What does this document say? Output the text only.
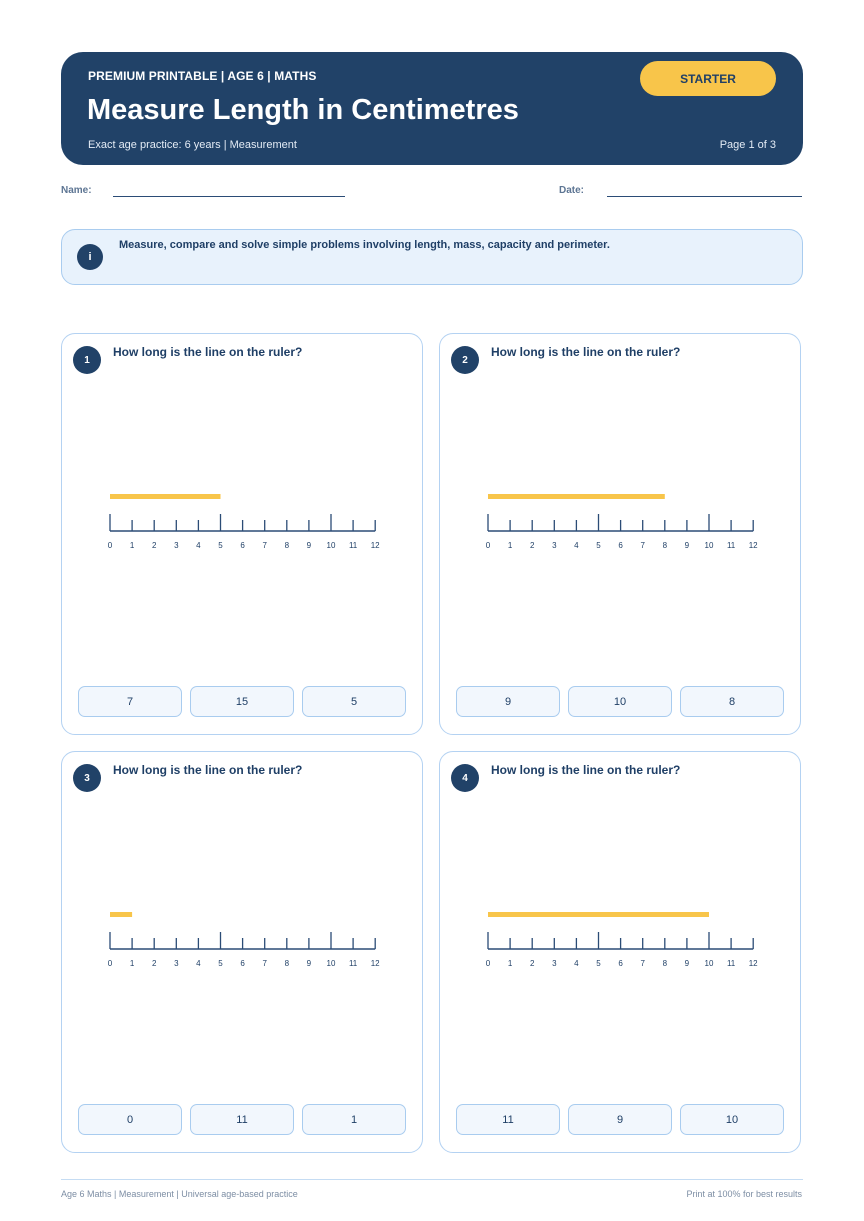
PREMIUM PRINTABLE | AGE 6 | MATHS
Measure Length in Centimetres
Exact age practice: 6 years | Measurement	Page 1 of 3
STARTER
Name:	Date:
i
Measure, compare and solve simple problems involving length, mass, capacity and perimeter.
1
How long is the line on the ruler?
0 1 2 3 4 5 6 7 8 9 10 11 12
7	15	5
2
How long is the line on the ruler?
0 1 2 3 4 5 6 7 8 9 10 11 12
9	10	8
3
How long is the line on the ruler?
0 1 2 3 4 5 6 7 8 9 10 11 12
0	11	1
4
How long is the line on the ruler?
0 1 2 3 4 5 6 7 8 9 10 11 12
11	9	10
Age 6 Maths | Measurement | Universal age-based practice	Print at 100% for best results
